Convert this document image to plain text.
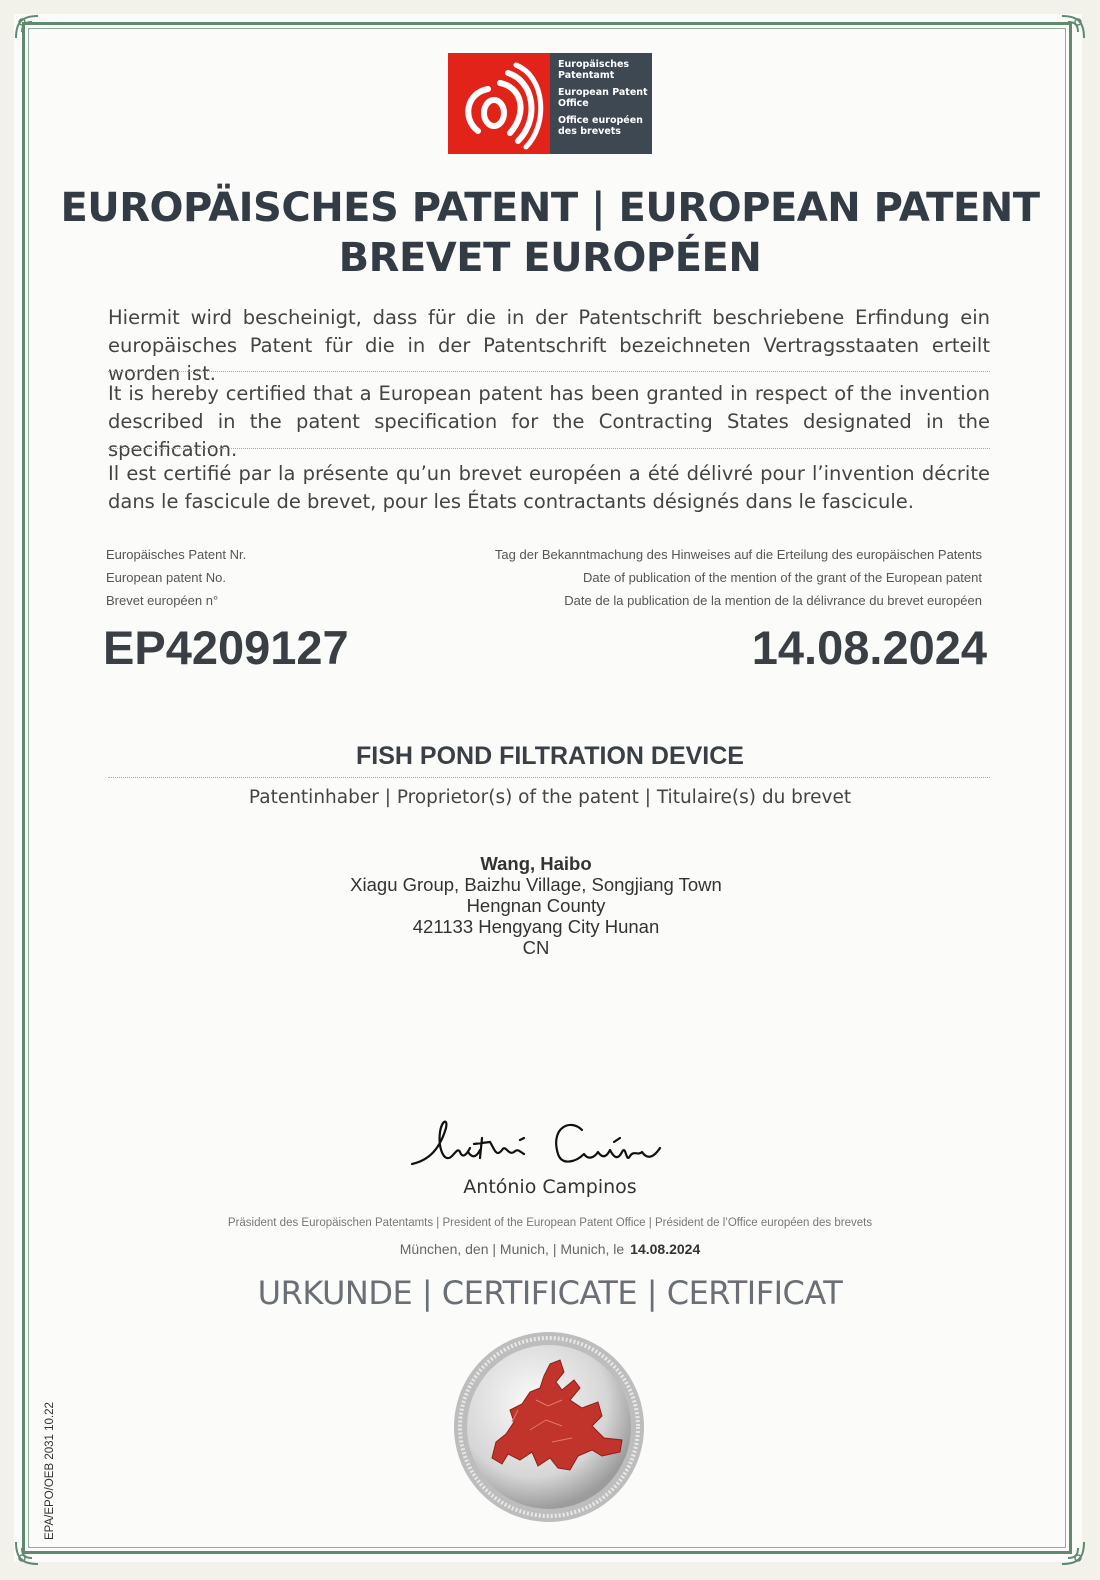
Europäisches Patentamt
European Patent Office
Office européen des brevets
EUROPÄISCHES PATENT | EUROPEAN PATENT
BREVET EUROPÉEN
Hiermit wird bescheinigt, dass für die in der Patentschrift beschriebene Erfindung ein europäisches Patent für die in der Patentschrift bezeichneten Vertragsstaaten erteilt worden ist.
It is hereby certified that a European patent has been granted in respect of the invention described in the patent specification for the Contracting States designated in the specification.
Il est certifié par la présente qu’un brevet européen a été délivré pour l’invention décrite dans le fascicule de brevet, pour les États contractants désignés dans le fascicule.
Europäisches Patent Nr.
European patent No.
Brevet européen n°
Tag der Bekanntmachung des Hinweises auf die Erteilung des europäischen Patents
Date of publication of the mention of the grant of the European patent
Date de la publication de la mention de la délivrance du brevet européen
EP4209127	14.08.2024
FISH POND FILTRATION DEVICE
Patentinhaber | Proprietor(s) of the patent | Titulaire(s) du brevet
Wang, Haibo
Xiagu Group, Baizhu Village, Songjiang Town
Hengnan County
421133 Hengyang City Hunan
CN
António Campinos
Präsident des Europäischen Patentamts | President of the European Patent Office | Président de l’Office européen des brevets
München, den | Munich, | Munich, le 14.08.2024
URKUNDE | CERTIFICATE | CERTIFICAT
EPA/EPO/OEB 2031 10.22
